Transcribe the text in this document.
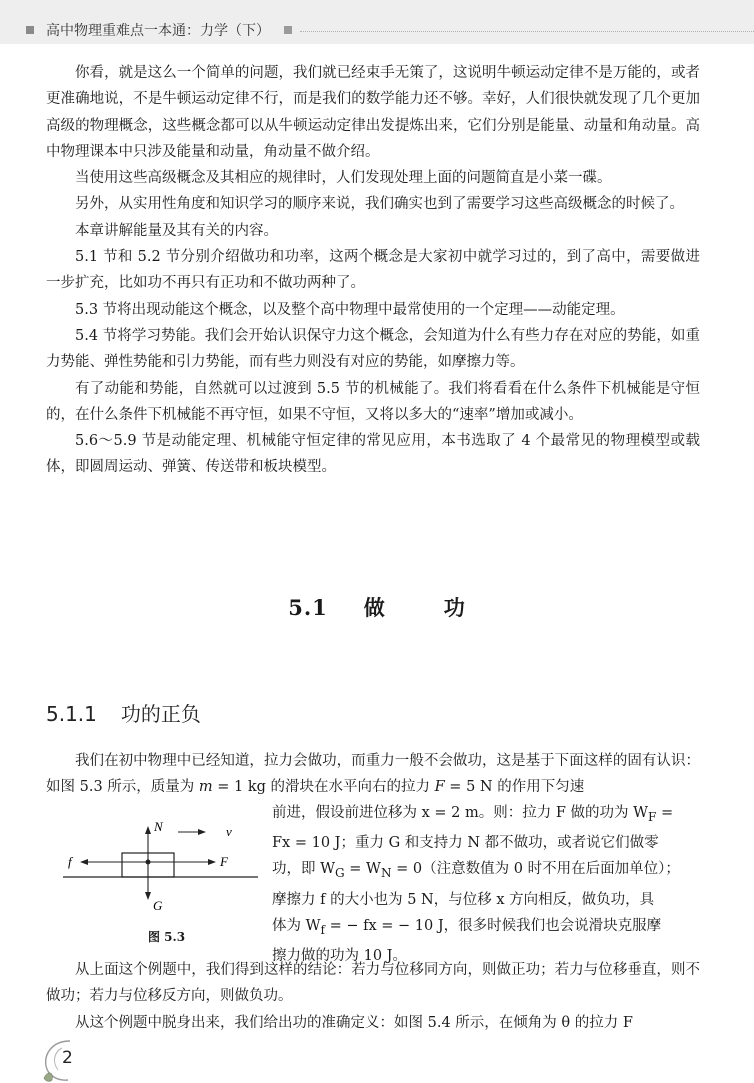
高中物理重难点一本通：力学（下）

你看，就是这么一个简单的问题，我们就已经束手无策了，这说明牛顿运动定律不是万能的，或者更准确地说，不是牛顿运动定律不行，而是我们的数学能力还不够。幸好，人们很快就发现了几个更加高级的物理概念，这些概念都可以从牛顿运动定律出发提炼出来，它们分别是能量、动量和角动量。高中物理课本中只涉及能量和动量，角动量不做介绍。

当使用这些高级概念及其相应的规律时，人们发现处理上面的问题简直是小菜一碟。

另外，从实用性角度和知识学习的顺序来说，我们确实也到了需要学习这些高级概念的时候了。

本章讲解能量及其有关的内容。

5.1 节和 5.2 节分别介绍做功和功率，这两个概念是大家初中就学习过的，到了高中，需要做进一步扩充，比如功不再只有正功和不做功两种了。

5.3 节将出现动能这个概念，以及整个高中物理中最常使用的一个定理——动能定理。

5.4 节将学习势能。我们会开始认识保守力这个概念，会知道为什么有些力存在对应的势能，如重力势能、弹性势能和引力势能，而有些力则没有对应的势能，如摩擦力等。

有了动能和势能，自然就可以过渡到 5.5 节的机械能了。我们将看看在什么条件下机械能是守恒的，在什么条件下机械能不再守恒，如果不守恒，又将以多大的“速率”增加或减小。

5.6～5.9 节是动能定理、机械能守恒定律的常见应用，本书选取了 4 个最常见的物理模型或载体，即圆周运动、弹簧、传送带和板块模型。

5.1 做	功
5.1.1 功的正负

我们在初中物理中已经知道，拉力会做功，而重力一般不会做功，这是基于下面这样的固有认识：如图 5.3 所示，质量为 m = 1 kg 的滑块在水平向右的拉力 F = 5 N 的作用下匀速

前进，假设前进位移为 x = 2 m。则：拉力 F 做的功为 $W_F$ =
Fx = 10 J；重力 G 和支持力 N 都不做功，或者说它们做零
功，即 $W_G = W_N = 0$（注意数值为 0 时不用在后面加单位）；
摩擦力 f 的大小也为 5 N，与位移 x 方向相反，做负功，具
体为 $W_f$ = − fx = − 10 J，很多时候我们也会说滑块克服摩
擦力做的功为 10 J。
N	v
f	F
G
图 5.3

从上面这个例题中，我们得到这样的结论：若力与位移同方向，则做正功；若力与位移垂直，则不做功；若力与位移反方向，则做负功。

从这个例题中脱身出来，我们给出功的准确定义：如图 5.4 所示，在倾角为 θ 的拉力 F

2
